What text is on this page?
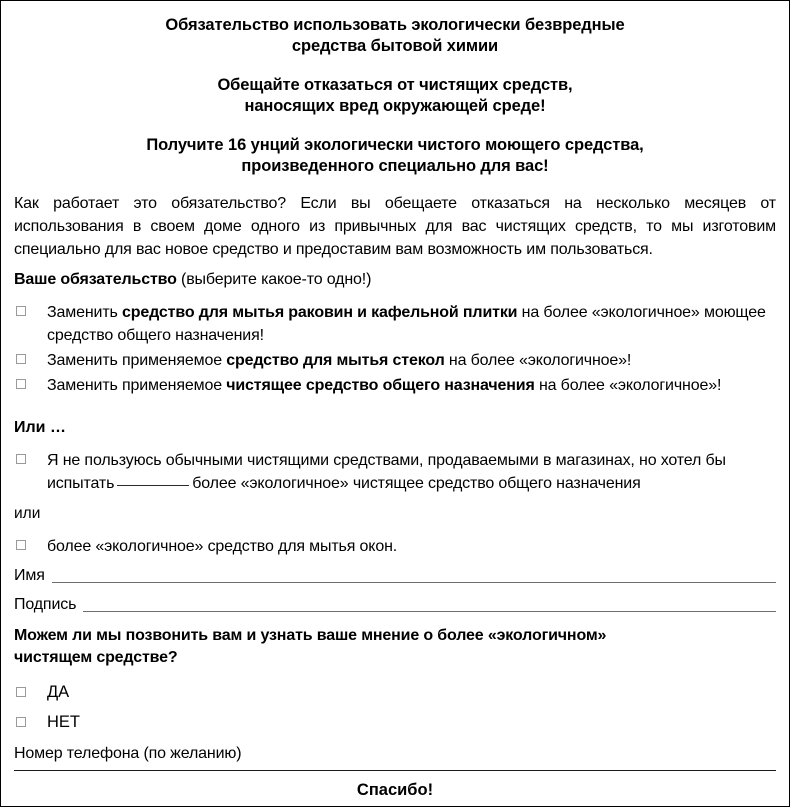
Обязательство использовать экологически безвредные
средства бытовой химии
Обещайте отказаться от чистящих средств,
наносящих вред окружающей среде!
Получите 16 унций экологически чистого моющего средства,
произведенного специально для вас!
Как работает это обязательство? Если вы обещаете отказаться на несколько месяцев от использования в своем доме одного из привычных для вас чистящих средств, то мы изготовим специально для вас новое средство и предоставим вам возможность им пользоваться.
Ваше обязательство (выберите какое-то одно!)
Заменить средство для мытья раковин и кафельной плитки на более «экологичное» моющее средство общего назначения!
Заменить применяемое средство для мытья стекол на более «экологичное»!
Заменить применяемое чистящее средство общего назначения на более «экологичное»!
Или …
Я не пользуюсь обычными чистящими средствами, продаваемыми в магазинах, но хотел бы испытать	более «экологичное» чистящее средство общего назначения
или
более «экологичное» средство для мытья окон.
Имя
Подпись
Можем ли мы позвонить вам и узнать ваше мнение о более «экологичном»
чистящем средстве?
ДА
НЕТ
Номер телефона (по желанию)
Спасибо!
